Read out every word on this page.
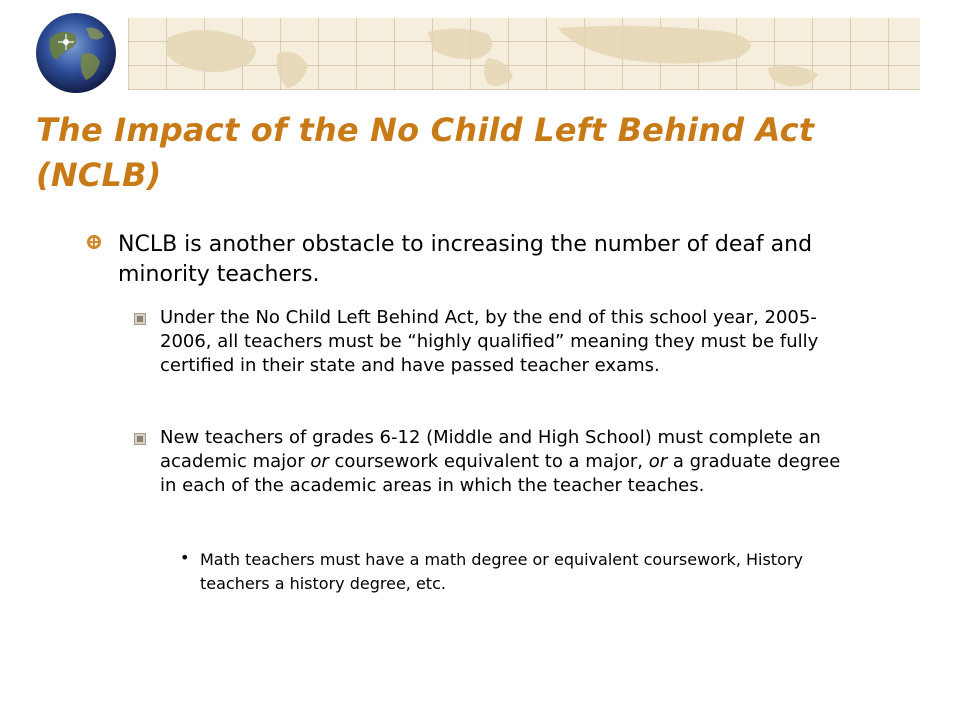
The Impact of the No Child Left Behind Act (NCLB)
NCLB is another obstacle to increasing the number of deaf and minority teachers.
Under the No Child Left Behind Act, by the end of this school year, 2005-2006, all teachers must be “highly qualified” meaning they must be fully certified in their state and have passed teacher exams.
New teachers of grades 6-12 (Middle and High School) must complete an academic major or coursework equivalent to a major, or a graduate degree in each of the academic areas in which the teacher teaches.
• Math teachers must have a math degree or equivalent coursework, History teachers a history degree, etc.
